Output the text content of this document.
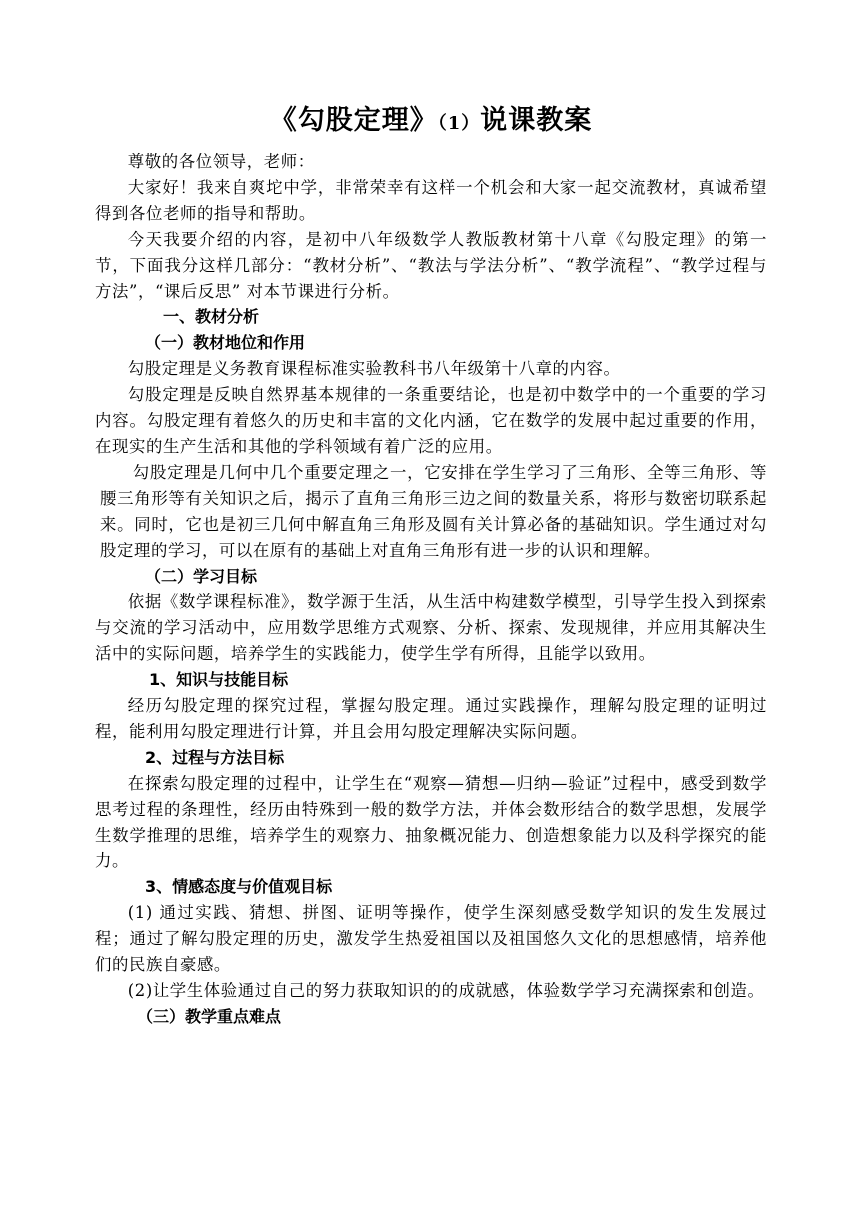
《勾股定理》（1）说课教案

尊敬的各位领导，老师：

大家好！我来自爽坨中学，非常荣幸有这样一个机会和大家一起交流教材，真诚希望得到各位老师的指导和帮助。

今天我要介绍的内容，是初中八年级数学人教版教材第十八章《勾股定理》的第一节，下面我分这样几部分：“教材分析”、“教法与学法分析”、“教学流程”、“教学过程与方法”，“课后反思” 对本节课进行分析。

一、教材分析
（一）教材地位和作用

勾股定理是义务教育课程标准实验教科书八年级第十八章的内容。

勾股定理是反映自然界基本规律的一条重要结论，也是初中数学中的一个重要的学习内容。勾股定理有着悠久的历史和丰富的文化内涵，它在数学的发展中起过重要的作用，在现实的生产生活和其他的学科领域有着广泛的应用。

勾股定理是几何中几个重要定理之一，它安排在学生学习了三角形、全等三角形、等腰三角形等有关知识之后，揭示了直角三角形三边之间的数量关系，将形与数密切联系起来。同时，它也是初三几何中解直角三角形及圆有关计算必备的基础知识。学生通过对勾股定理的学习，可以在原有的基础上对直角三角形有进一步的认识和理解。

（二）学习目标

依据《数学课程标准》，数学源于生活，从生活中构建数学模型，引导学生投入到探索与交流的学习活动中，应用数学思维方式观察、分析、探索、发现规律，并应用其解决生活中的实际问题，培养学生的实践能力，使学生学有所得，且能学以致用。

1、知识与技能目标

经历勾股定理的探究过程，掌握勾股定理。通过实践操作，理解勾股定理的证明过程，能利用勾股定理进行计算，并且会用勾股定理解决实际问题。

2、过程与方法目标

在探索勾股定理的过程中，让学生在“观察—猜想—归纳—验证”过程中，感受到数学思考过程的条理性，经历由特殊到一般的数学方法，并体会数形结合的数学思想，发展学生数学推理的思维，培养学生的观察力、抽象概况能力、创造想象能力以及科学探究的能力。

3、情感态度与价值观目标

(1) 通过实践、猜想、拼图、证明等操作，使学生深刻感受数学知识的发生发展过程；通过了解勾股定理的历史，激发学生热爱祖国以及祖国悠久文化的思想感情，培养他们的民族自豪感。

(2)让学生体验通过自己的努力获取知识的的成就感，体验数学学习充满探索和创造。

（三）教学重点难点
